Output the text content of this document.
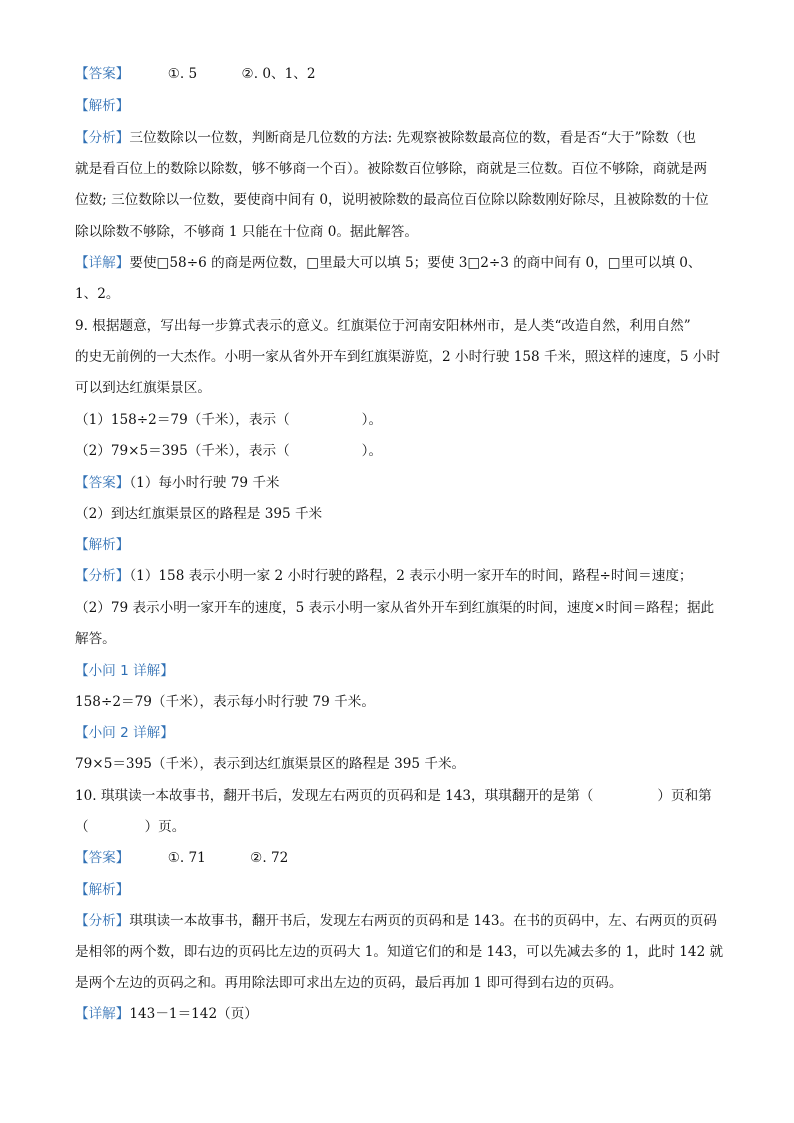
【答案】	①. 5	②. 0、1、2
【解析】
【分析】三位数除以一位数，判断商是几位数的方法: 先观察被除数最高位的数，看是否“大于”除数（也
就是看百位上的数除以除数，够不够商一个百）。被除数百位够除，商就是三位数。百位不够除，商就是两
位数; 三位数除以一位数，要使商中间有 0，说明被除数的最高位百位除以除数刚好除尽，且被除数的十位
除以除数不够除，不够商 1 只能在十位商 0。据此解答。
【详解】要使□58÷6 的商是两位数，□里最大可以填 5；要使 3□2÷3 的商中间有 0，□里可以填 0、
1、2。
9. 根据题意，写出每一步算式表示的意义。红旗渠位于河南安阳林州市，是人类“改造自然，利用自然”
的史无前例的一大杰作。小明一家从省外开车到红旗渠游览，2 小时行驶 158 千米，照这样的速度，5 小时
可以到达红旗渠景区。
（1）158÷2＝79（千米），表示（	）。
（2）79×5＝395（千米），表示（	）。
【答案】（1）每小时行驶 79 千米
（2）到达红旗渠景区的路程是 395 千米
【解析】
【分析】（1）158 表示小明一家 2 小时行驶的路程，2 表示小明一家开车的时间，路程÷时间＝速度；
（2）79 表示小明一家开车的速度，5 表示小明一家从省外开车到红旗渠的时间，速度×时间＝路程；据此
解答。
【小问 1 详解】
158÷2＝79（千米），表示每小时行驶 79 千米。
【小问 2 详解】
79×5＝395（千米），表示到达红旗渠景区的路程是 395 千米。
10. 琪琪读一本故事书，翻开书后，发现左右两页的页码和是 143，琪琪翻开的是第（	）页和第
（	）页。
【答案】	①. 71	②. 72
【解析】
【分析】琪琪读一本故事书，翻开书后，发现左右两页的页码和是 143。在书的页码中，左、右两页的页码
是相邻的两个数，即右边的页码比左边的页码大 1。知道它们的和是 143，可以先减去多的 1，此时 142 就
是两个左边的页码之和。再用除法即可求出左边的页码，最后再加 1 即可得到右边的页码。
【详解】143－1＝142（页）
